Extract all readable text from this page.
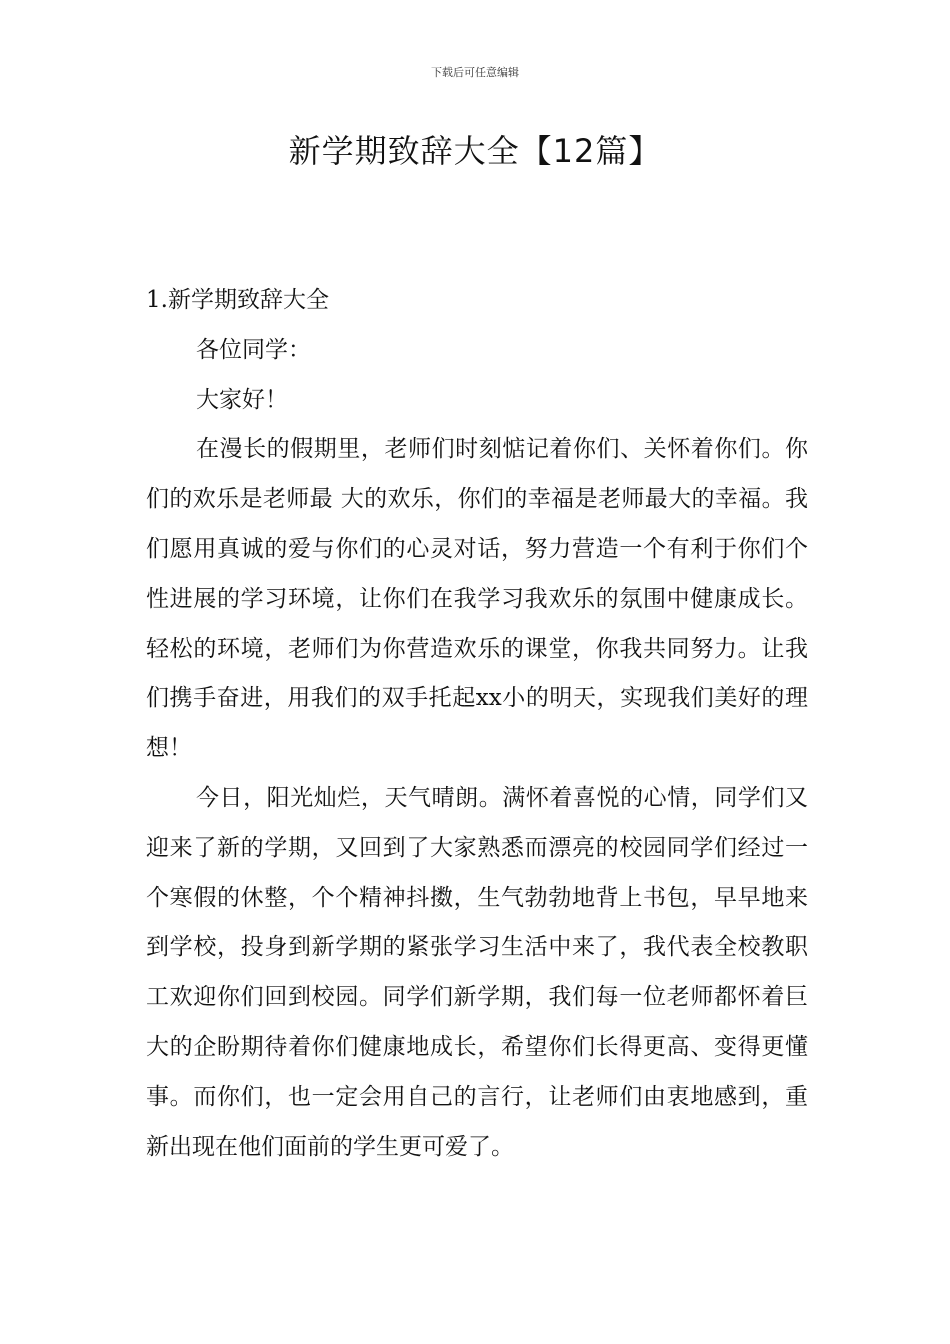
下载后可任意编辑
新学期致辞大全【12篇】

1.新学期致辞大全

各位同学：

大家好！

在漫长的假期里，老师们时刻惦记着你们、关怀着你们。你们的欢乐是老师最 大的欢乐，你们的幸福是老师最大的幸福。我们愿用真诚的爱与你们的心灵对话，努力营造一个有利于你们个性进展的学习环境，让你们在我学习我欢乐的氛围中健康成长。轻松的环境，老师们为你营造欢乐的课堂，你我共同努力。让我们携手奋进，用我们的双手托起xx小的明天，实现我们美好的理想！

今日，阳光灿烂，天气晴朗。满怀着喜悦的心情，同学们又迎来了新的学期，又回到了大家熟悉而漂亮的校园同学们经过一个寒假的休整，个个精神抖擞，生气勃勃地背上书包，早早地来到学校，投身到新学期的紧张学习生活中来了，我代表全校教职工欢迎你们回到校园。同学们新学期，我们每一位老师都怀着巨大的企盼期待着你们健康地成长，希望你们长得更高、变得更懂事。而你们，也一定会用自己的言行，让老师们由衷地感到，重新出现在他们面前的学生更可爱了。
